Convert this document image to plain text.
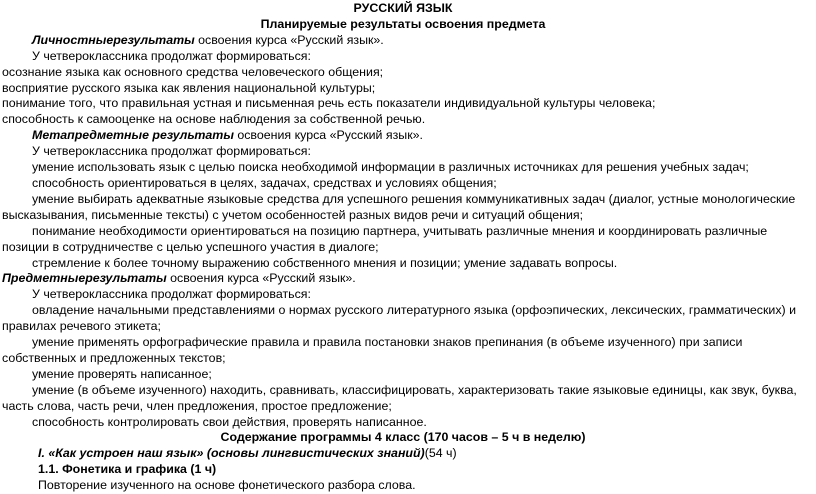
РУССКИЙ ЯЗЫК
Планируемые результаты освоения предмета
Личностныерезультаты освоения курса «Русский язык».
У четвероклассника продолжат формироваться:
осознание языка как основного средства человеческого общения;
восприятие русского языка как явления национальной культуры;
понимание того, что правильная устная и письменная речь есть показатели индивидуальной культуры человека;
способность к самооценке на основе наблюдения за собственной речью.
Метапредметные результаты освоения курса «Русский язык».
У четвероклассника продолжат формироваться:
умение использовать язык с целью поиска необходимой информации в различных источниках для решения учебных задач;
способность ориентироваться в целях, задачах, средствах и условиях общения;
умение выбирать адекватные языковые средства для успешного решения коммуникативных задач (диалог, устные монологические высказывания, письменные тексты) с учетом особенностей разных видов речи и ситуаций общения;
понимание необходимости ориентироваться на позицию партнера, учитывать различные мнения и координировать различные позиции в сотрудничестве с целью успешного участия в диалоге;
стремление к более точному выражению собственного мнения и позиции; умение задавать вопросы.
Предметныерезультаты освоения курса «Русский язык».
У четвероклассника продолжат формироваться:
овладение начальными представлениями о нормах русского литературного языка (орфоэпических, лексических, грамматических) и правилах речевого этикета;
умение применять орфографические правила и правила постановки знаков препинания (в объеме изученного) при записи собственных и предложенных текстов;
умение проверять написанное;
умение (в объеме изученного) находить, сравнивать, классифицировать, характеризовать такие языковые единицы, как звук, буква, часть слова, часть речи, член предложения, простое предложение;
способность контролировать свои действия, проверять написанное.
Содержание программы 4 класс (170 часов – 5 ч в неделю)
I. «Как устроен наш язык» (основы лингвистических знаний)(54 ч)
1.1. Фонетика и графика (1 ч)
Повторение изученного на основе фонетического разбора слова.
